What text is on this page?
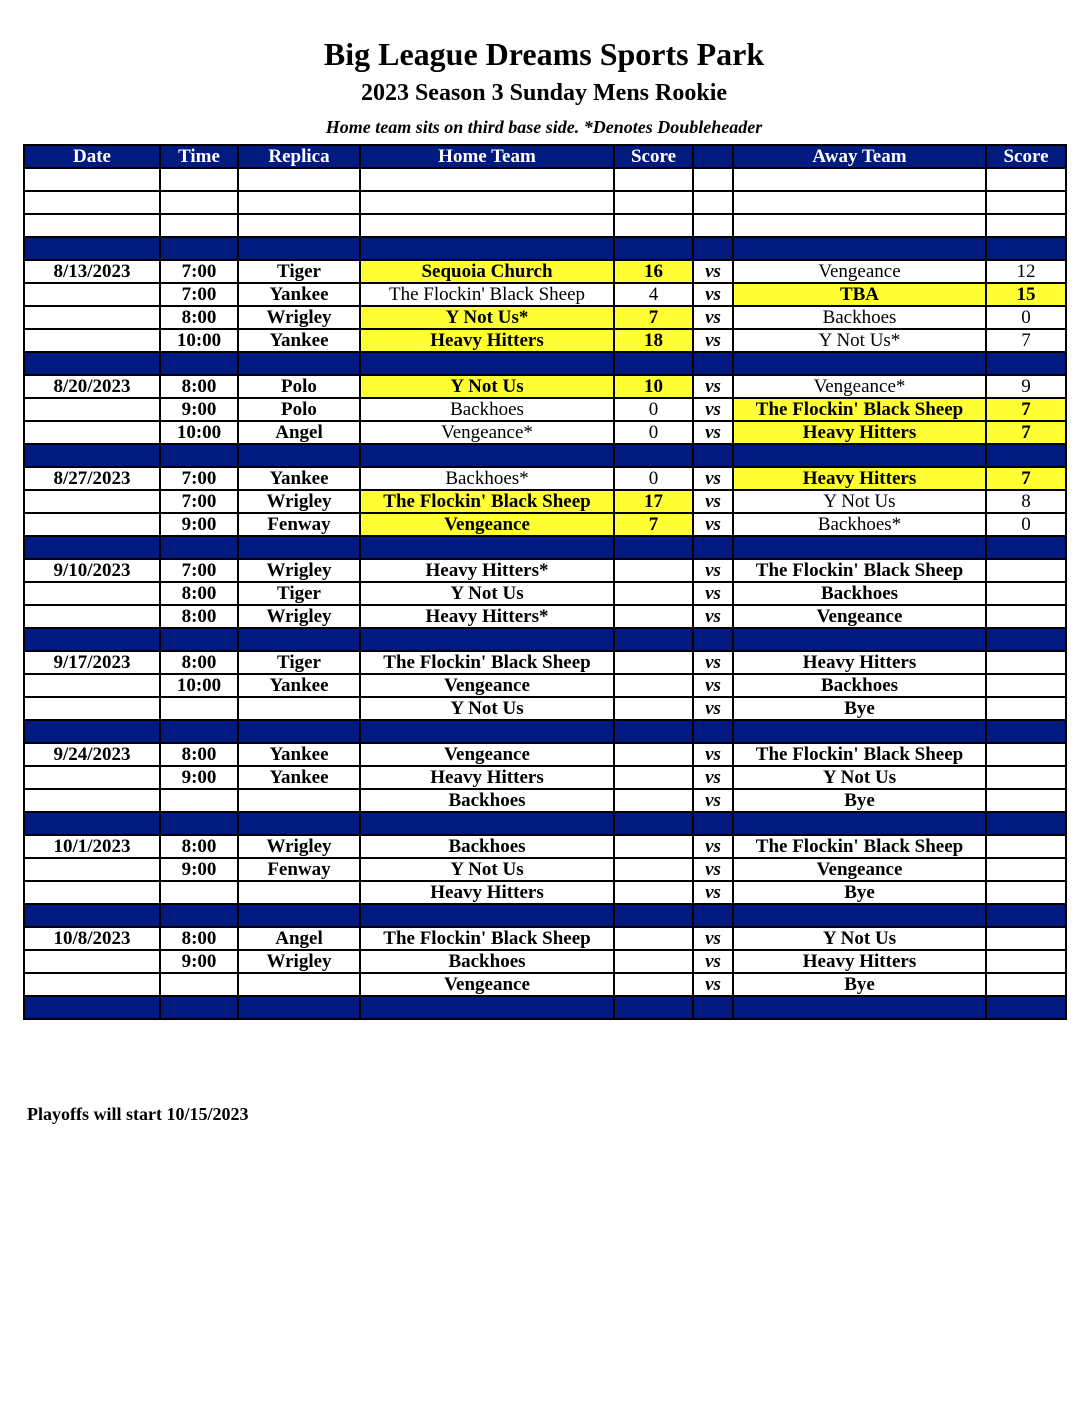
Big League Dreams Sports Park
2023 Season 3 Sunday Mens Rookie
Home team sits on third base side. *Denotes Doubleheader
Date	Time	Replica	Home Team	Score		Away Team	Score

8/13/2023	7:00	Tiger	Sequoia Church	16	vs	Vengeance	12
	7:00	Yankee	The Flockin' Black Sheep	4	vs	TBA	15
	8:00	Wrigley	Y Not Us*	7	vs	Backhoes	0
	10:00	Yankee	Heavy Hitters	18	vs	Y Not Us*	7

8/20/2023	8:00	Polo	Y Not Us	10	vs	Vengeance*	9
	9:00	Polo	Backhoes	0	vs	The Flockin' Black Sheep	7
	10:00	Angel	Vengeance*	0	vs	Heavy Hitters	7

8/27/2023	7:00	Yankee	Backhoes*	0	vs	Heavy Hitters	7
	7:00	Wrigley	The Flockin' Black Sheep	17	vs	Y Not Us	8
	9:00	Fenway	Vengeance	7	vs	Backhoes*	0

9/10/2023	7:00	Wrigley	Heavy Hitters*		vs	The Flockin' Black Sheep	
	8:00	Tiger	Y Not Us		vs	Backhoes	
	8:00	Wrigley	Heavy Hitters*		vs	Vengeance	

9/17/2023	8:00	Tiger	The Flockin' Black Sheep		vs	Heavy Hitters	
	10:00	Yankee	Vengeance		vs	Backhoes	
			Y Not Us		vs	Bye	

9/24/2023	8:00	Yankee	Vengeance		vs	The Flockin' Black Sheep	
	9:00	Yankee	Heavy Hitters		vs	Y Not Us	
			Backhoes		vs	Bye	

10/1/2023	8:00	Wrigley	Backhoes		vs	The Flockin' Black Sheep	
	9:00	Fenway	Y Not Us		vs	Vengeance	
			Heavy Hitters		vs	Bye	

10/8/2023	8:00	Angel	The Flockin' Black Sheep		vs	Y Not Us	
	9:00	Wrigley	Backhoes		vs	Heavy Hitters	
			Vengeance		vs	Bye	

Playoffs will start 10/15/2023
